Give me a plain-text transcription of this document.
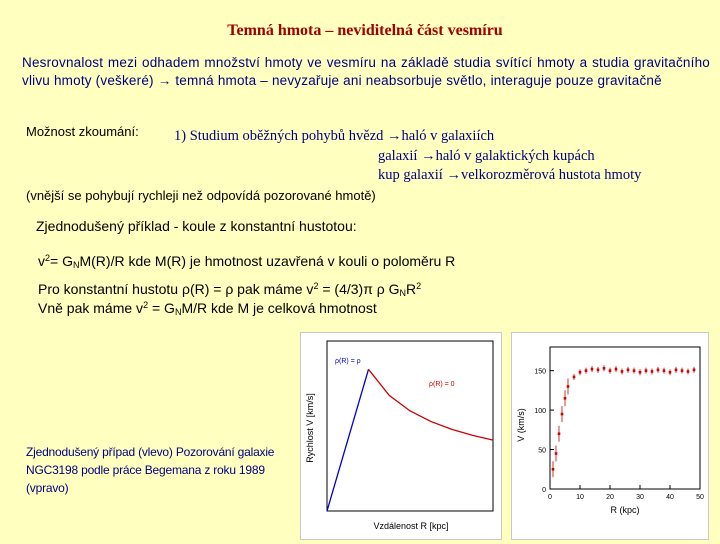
Temná hmota – neviditelná část vesmíru
Nesrovnalost mezi odhadem množství hmoty ve vesmíru na základě studia svítící hmoty a studia gravitačního vlivu hmoty (veškeré) → temná hmota – nevyzařuje ani neabsorbuje světlo, interaguje pouze gravitačně
Možnost zkoumání: 1) Studium oběžných pohybů hvězd →haló v galaxiích
galaxií →haló v galaktických kupách
kup galaxií →velkorozměrová hustota hmoty
(vnější se pohybují rychleji než odpovídá pozorované hmotě)
Zjednodušený příklad - koule z konstantní hustotou:
$v^2= G_NM(R)/R$ kde M(R) je hmotnost uzavřená v kouli o poloměru R
Pro konstantní hustotu ρ(R) = ρ pak máme $v^2 = (4/3)\pi$ ρ $G_NR^2$
Vně pak máme $v^2 = G_NM/R$ kde M je celková hmotnost
Rychlost V [km/s]
Vzdálenost R [kpc]
ρ(R) = ρ
ρ(R) = 0
V (km/s)
R (kpc)
0
50
100
150
0	10	20	30	40	50
Zjednodušený případ (vlevo) Pozorování galaxie NGC3198 podle práce Begemana z roku 1989 (vpravo)
